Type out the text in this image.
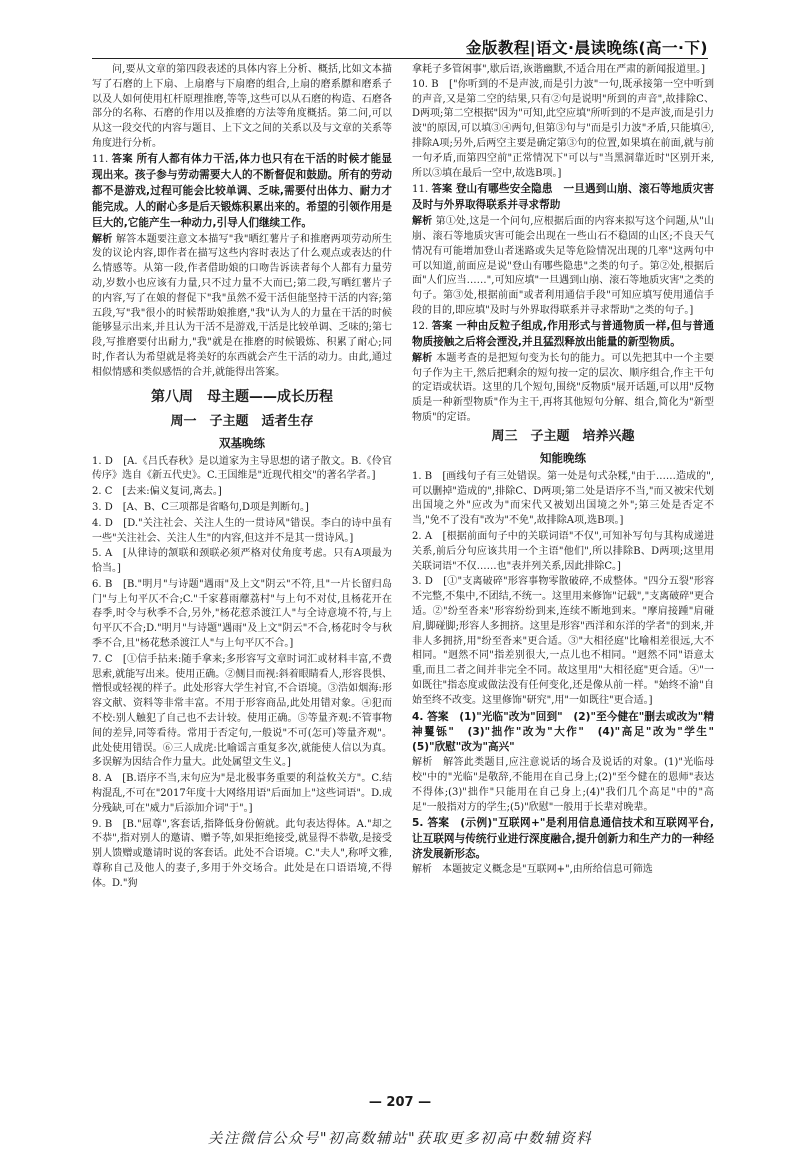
金版教程|语文·晨读晚练(高一·下)

问,要从文章的第四段表述的具体内容上分析、概括,比如文本描写了石磨的上下扇、上扇磨与下扇磨的组合,上扇的磨系膘和磨系子以及人如何使用杠杆原理推磨,等等,这些可以从石磨的构造、石磨各部分的名称、石磨的作用以及推磨的方法等角度概括。第二问,可以从这一段交代的内容与题目、上下文之间的关系以及与文章的关系等角度进行分析。

11. 答案 所有人都有体力干活,体力也只有在干活的时候才能显现出来。孩子参与劳动需要大人的不断督促和鼓励。所有的劳动都不是游戏,过程可能会比较单调、乏味,需要付出体力、耐力才能完成。人的耐心多是后天锻炼积累出来的。希望的引领作用是巨大的,它能产生一种动力,引导人们继续工作。

解析 解答本题要注意文本描写"我"晒红薯片子和推磨两项劳动所生发的议论内容,即作者在描写这些内容时表达了什么观点或表达的什么情感等。从第一段,作者借助娘的口吻告诉读者每个人都有力量劳动,岁数小也应该有力量,只不过力量不大而已;第二段,写晒红薯片子的内容,写了在娘的督促下"我"虽然不爱干活但能坚持干活的内容;第五段,写"我"很小的时候帮助娘推磨,"我"认为人的力量在干活的时候能够显示出来,并且认为干活不是游戏,干活是比较单调、乏味的;第七段,写推磨要付出耐力,"我"就是在推磨的时候锻炼、积累了耐心;同时,作者认为希望就是将美好的东西就会产生干活的动力。由此,通过相似情感和类似感悟的合并,就能得出答案。

第八周　母主题——成长历程
周一　子主题　适者生存
双基晚练

1. D　[A.《吕氏春秋》是以道家为主导思想的诸子散文。B.《伶官传序》选自《新五代史》。C.王国维是"近现代相交"的著名学者。]

2. C　[去来:偏义复词,离去。]

3. D　[A、B、C三项都是省略句,D项是判断句。]

4. D　[D."关注社会、关注人生的一贯诗风"错误。李白的诗中虽有一些"关注社会、关注人生"的内容,但这并不是其一贯诗风。]

5. A　[从律诗的颔联和颈联必须严格对仗角度考虑。只有A项最为恰当。]

6. B　[B."明月"与诗题"遇雨"及上文"阴云"不符,且"一片长留归岛门"与上句平仄不合;C."千家暮雨蘼荔村"与上句不对仗,且杨花开在春季,时令与秋季不合,另外,"杨花惹杀渡江人"与全诗意境不符,与上句平仄不合;D."明月"与诗题"遇雨"及上文"阴云"不合,杨花时令与秋季不合,且"杨花愁杀渡江人"与上句平仄不合。]

7. C　[①信手拈来:随手拿来;多形容写文章时词汇或材料丰富,不费思索,就能写出来。使用正确。②侧目而视:斜着眼睛看人,形容畏惧、憎恨或轻视的样子。此处形容大学生衬官,不合语境。③浩如烟海:形容文献、资料等非常丰富。不用于形容商品,此处用错对象。④犯而不校:别人触犯了自己也不去计较。使用正确。⑤等量齐观:不管事物间的差异,同等看待。常用于否定句,一般说"不可(怎可)等量齐观"。此处使用错误。⑥三人成虎:比喻谣言重复多次,就能使人信以为真。多误解为因结合作力量大。此处属望文生义。]

8. A　[B.语序不当,末句应为"是北极事务重要的利益攸关方"。C.结构混乱,不可在"2017年度十大网络用语"后面加上"这些词语"。D.成分残缺,可在"威力"后添加介词"于"。]

9. B　[B."屈尊",客套话,指降低身份俯就。此句表达得体。A."却之不恭",指对别人的邀请、赠予等,如果拒绝接受,就显得不恭敬,是接受别人馈赠或邀请时说的客套话。此处不合语境。C."夫人",称呼文雅,尊称自己及他人的妻子,多用于外交场合。此处是在口语语境,不得体。D."狗

拿耗子多管闲事",歇后语,诙谐幽默,不适合用在严肃的新闻报道里。]

10. B　["你听到的不是声波,而是引力波"一句,既承接第一空中听到的声音,又是第二空的结果,只有②句是说明"所到的声音",故排除C、D两项;第二空根据"因为"可知,此空应填"所听到的不是声波,而是引力波"的原因,可以填③④两句,但第③句与"而是引力波"矛盾,只能填④,排除A项;另外,后两空主要是确定第③句的位置,如果填在前面,就与前一句矛盾,而第四空前"正常情况下"可以与"当黑洞靠近时"区别开来,所以③填在最后一空中,故选B项。]

11. 答案 登山有哪些安全隐患　一旦遇到山崩、滚石等地质灾害　及时与外界取得联系并寻求帮助

解析 第①处,这是一个问句,应根据后面的内容来拟写这个问题,从"山崩、滚石等地质灾害可能会出现在一些山石不稳固的山区;不良天气情况有可能增加登山者迷路或失足等危险情况出现的几率"这两句中可以知道,前面应是说"登山有哪些隐患"之类的句子。第②处,根据后面"人们应当……",可知应填"一旦遇到山崩、滚石等地质灾害"之类的句子。第③处,根据前面"或者利用通信手段"可知应填写使用通信手段的目的,即应填"及时与外界取得联系并寻求帮助"之类的句子。]

12. 答案 一种由反粒子组成,作用形式与普通物质一样,但与普通物质接触之后将会湮没,并且猛烈释放出能量的新型物质。

解析 本题考查的是把短句变为长句的能力。可以先把其中一个主要句子作为主干,然后把剩余的短句按一定的层次、顺序组合,作主干句的定语或状语。这里的几个短句,围绕"反物质"展开话题,可以用"反物质是一种新型物质"作为主干,再将其他短句分解、组合,简化为"新型物质"的定语。

周三　子主题　培养兴趣
知能晚练

1. B　[画线句子有三处错误。第一处是句式杂糅,"由于……造成的",可以删掉"造成的",排除C、D两项;第二处是语序不当,"而又被宋代划出国境之外"应改为"而宋代又被划出国境之外";第三处是否定不当,"免不了没有"改为"不免",故排除A项,选B项。]

2. A　[根据前面句子中的关联词语"不仅",可知补写句与其构成递进关系,前后分句应该共用一个主语"他们",所以排除B、D两项;这里用关联词语"不仅……也"表并列关系,因此排除C。]

3. D　[①"支离破碎"形容事物零散破碎,不成整体。"四分五裂"形容不完整,不集中,不团结,不统一。这里用来修饰"记载","支离破碎"更合适。②"纷至沓来"形容纷纷到来,连续不断地到来。"摩肩接踵"肩碰肩,脚碰脚;形容人多拥挤。这里是形容"西洋和东洋的学者"的到来,并非人多拥挤,用"纷至沓来"更合适。③"大相径庭"比喻相差很远,大不相同。"迥然不同"指差别很大,一点儿也不相同。"迥然不同"语意太重,而且二者之间并非完全不同。故这里用"大相径庭"更合适。④"一如既往"指态度或做法没有任何变化,还是像从前一样。"始终不渝"自始至终不改变。这里修饰"研究",用"一如既往"更合适。]

4. 答案　(1)"光临"改为"回到"　(2)"至今健在"删去或改为"精神矍铄"　(3)"拙作"改为"大作"　(4)"高足"改为"学生"　(5)"欣慰"改为"高兴"

解析　解答此类题目,应注意说话的场合及说话的对象。(1)"光临母校"中的"光临"是敬辞,不能用在自己身上;(2)"至今健在的恩师"表达不得体;(3)"拙作"只能用在自己身上;(4)"我们几个高足"中的"高足"一般指对方的学生;(5)"欣慰"一般用于长辈对晚辈。

5. 答案　(示例)"互联网+"是利用信息通信技术和互联网平台,让互联网与传统行业进行深度融合,提升创新力和生产力的一种经济发展新形态。

解析　本题披定义概念是"互联网+",由所给信息可筛选

— 207 —
关注微信公众号"初高数辅站"获取更多初高中数辅资料
